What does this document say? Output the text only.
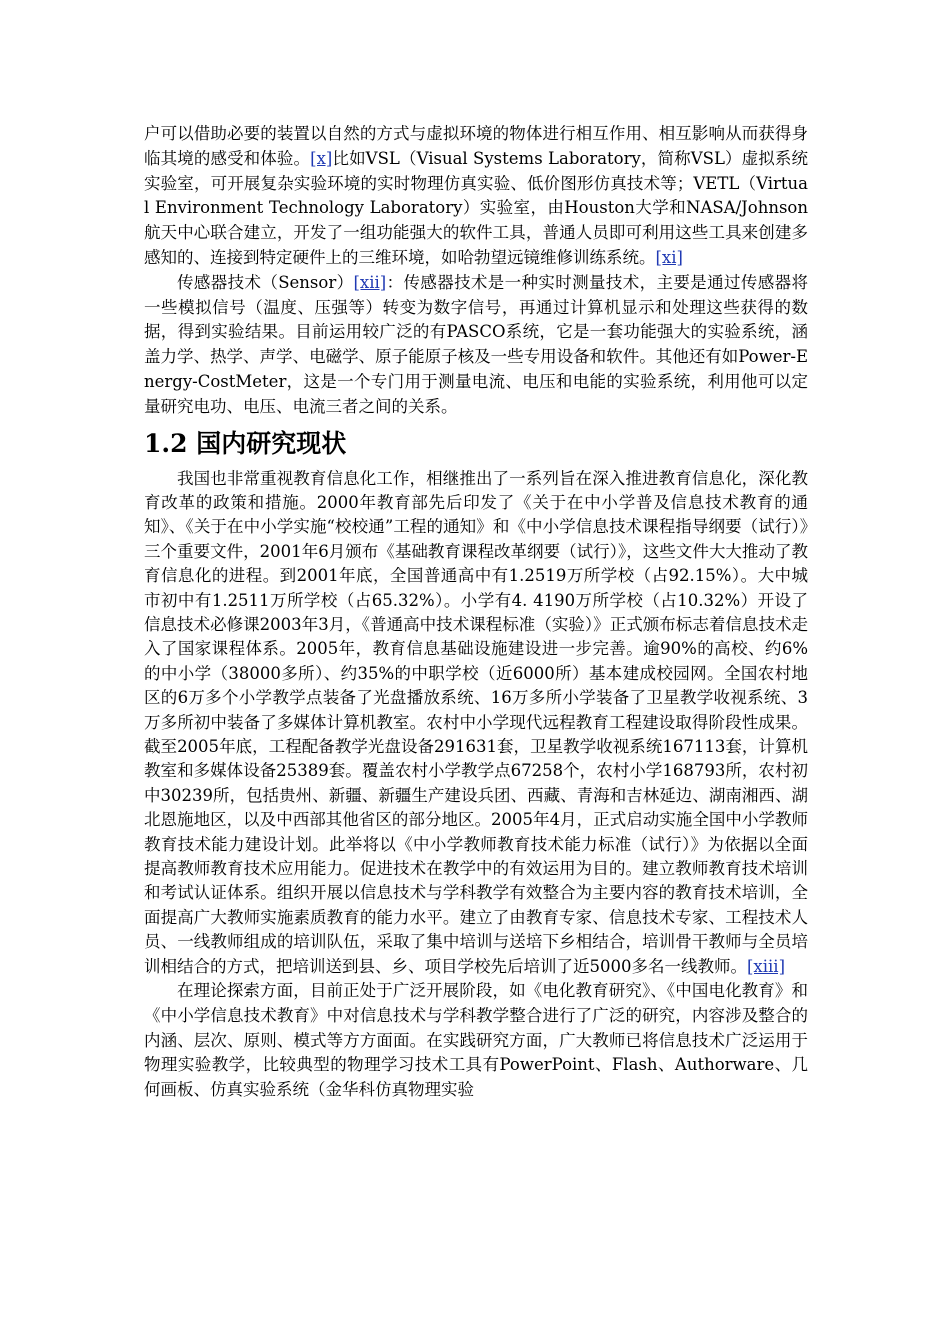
户可以借助必要的装置以自然的方式与虚拟环境的物体进行相互作用、相互影响从而获得身临其境的感受和体验。[x]比如VSL（Visual Systems Laboratory，简称VSL）虚拟系统实验室，可开展复杂实验环境的实时物理仿真实验、低价图形仿真技术等；VETL（Virtual Environment Technology Laboratory）实验室，由Houston大学和NASA/Johnson航天中心联合建立，开发了一组功能强大的软件工具，普通人员即可利用这些工具来创建多感知的、连接到特定硬件上的三维环境，如哈勃望远镜维修训练系统。[xi]

传感器技术（Sensor）[xii]：传感器技术是一种实时测量技术，主要是通过传感器将一些模拟信号（温度、压强等）转变为数字信号，再通过计算机显示和处理这些获得的数据，得到实验结果。目前运用较广泛的有PASCO系统，它是一套功能强大的实验系统，涵盖力学、热学、声学、电磁学、原子能原子核及一些专用设备和软件。其他还有如Power-Energy-CostMeter，这是一个专门用于测量电流、电压和电能的实验系统，利用他可以定量研究电功、电压、电流三者之间的关系。

1.2 国内研究现状

我国也非常重视教育信息化工作，相继推出了一系列旨在深入推进教育信息化，深化教育改革的政策和措施。2000年教育部先后印发了《关于在中小学普及信息技术教育的通知》、《关于在中小学实施“校校通”工程的通知》和《中小学信息技术课程指导纲要（试行）》三个重要文件，2001年6月颁布《基础教育课程改革纲要（试行）》，这些文件大大推动了教育信息化的进程。到2001年底，全国普通高中有1.2519万所学校（占92.15%）。大中城市初中有1.2511万所学校（占65.32%）。小学有4. 4190万所学校（占10.32%）开设了信息技术必修课2003年3月，《普通高中技术课程标准（实验）》正式颁布标志着信息技术走入了国家课程体系。2005年，教育信息基础设施建设进一步完善。逾90%的高校、约6%的中小学（38000多所）、约35%的中职学校（近6000所）基本建成校园网。全国农村地区的6万多个小学教学点装备了光盘播放系统、16万多所小学装备了卫星教学收视系统、3万多所初中装备了多媒体计算机教室。农村中小学现代远程教育工程建设取得阶段性成果。截至2005年底，工程配备教学光盘设备291631套，卫星教学收视系统167113套，计算机教室和多媒体设备25389套。覆盖农村小学教学点67258个，农村小学168793所，农村初中30239所，包括贵州、新疆、新疆生产建设兵团、西藏、青海和吉林延边、湖南湘西、湖北恩施地区，以及中西部其他省区的部分地区。2005年4月，正式启动实施全国中小学教师教育技术能力建设计划。此举将以《中小学教师教育技术能力标准（试行）》为依据以全面提高教师教育技术应用能力。促进技术在教学中的有效运用为目的。建立教师教育技术培训和考试认证体系。组织开展以信息技术与学科教学有效整合为主要内容的教育技术培训，全面提高广大教师实施素质教育的能力水平。建立了由教育专家、信息技术专家、工程技术人员、一线教师组成的培训队伍，采取了集中培训与送培下乡相结合，培训骨干教师与全员培训相结合的方式，把培训送到县、乡、项目学校先后培训了近5000多名一线教师。[xiii]

在理论探索方面，目前正处于广泛开展阶段，如《电化教育研究》、《中国电化教育》和《中小学信息技术教育》中对信息技术与学科教学整合进行了广泛的研究，内容涉及整合的内涵、层次、原则、模式等方方面面。在实践研究方面，广大教师已将信息技术广泛运用于物理实验教学，比较典型的物理学习技术工具有PowerPoint、Flash、Authorware、几何画板、仿真实验系统（金华科仿真物理实验
